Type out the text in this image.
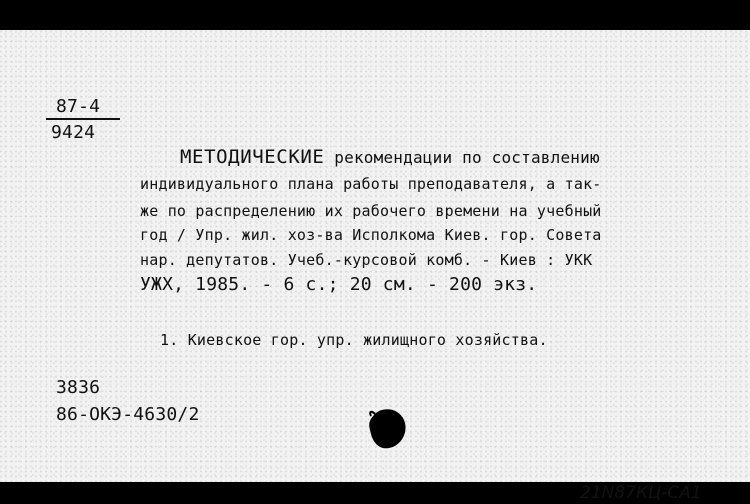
87-4
9424
МЕТОДИЧЕСКИЕ рекомендации по составлению
индивидуального плана работы преподавателя, а так-
же по распределению их рабочего времени на учебный
год / Упр. жил. хоз-ва Исполкома Киев. гор. Совета
нар. депутатов. Учеб.-курсовой комб. - Киев : УКК
УЖХ, 1985. - 6 с.; 20 см. - 200 экз.
1. Киевское гор. упр. жилищного хозяйства.
3836
86-ОКЭ-4630/2
21N87КЦ-СА1
